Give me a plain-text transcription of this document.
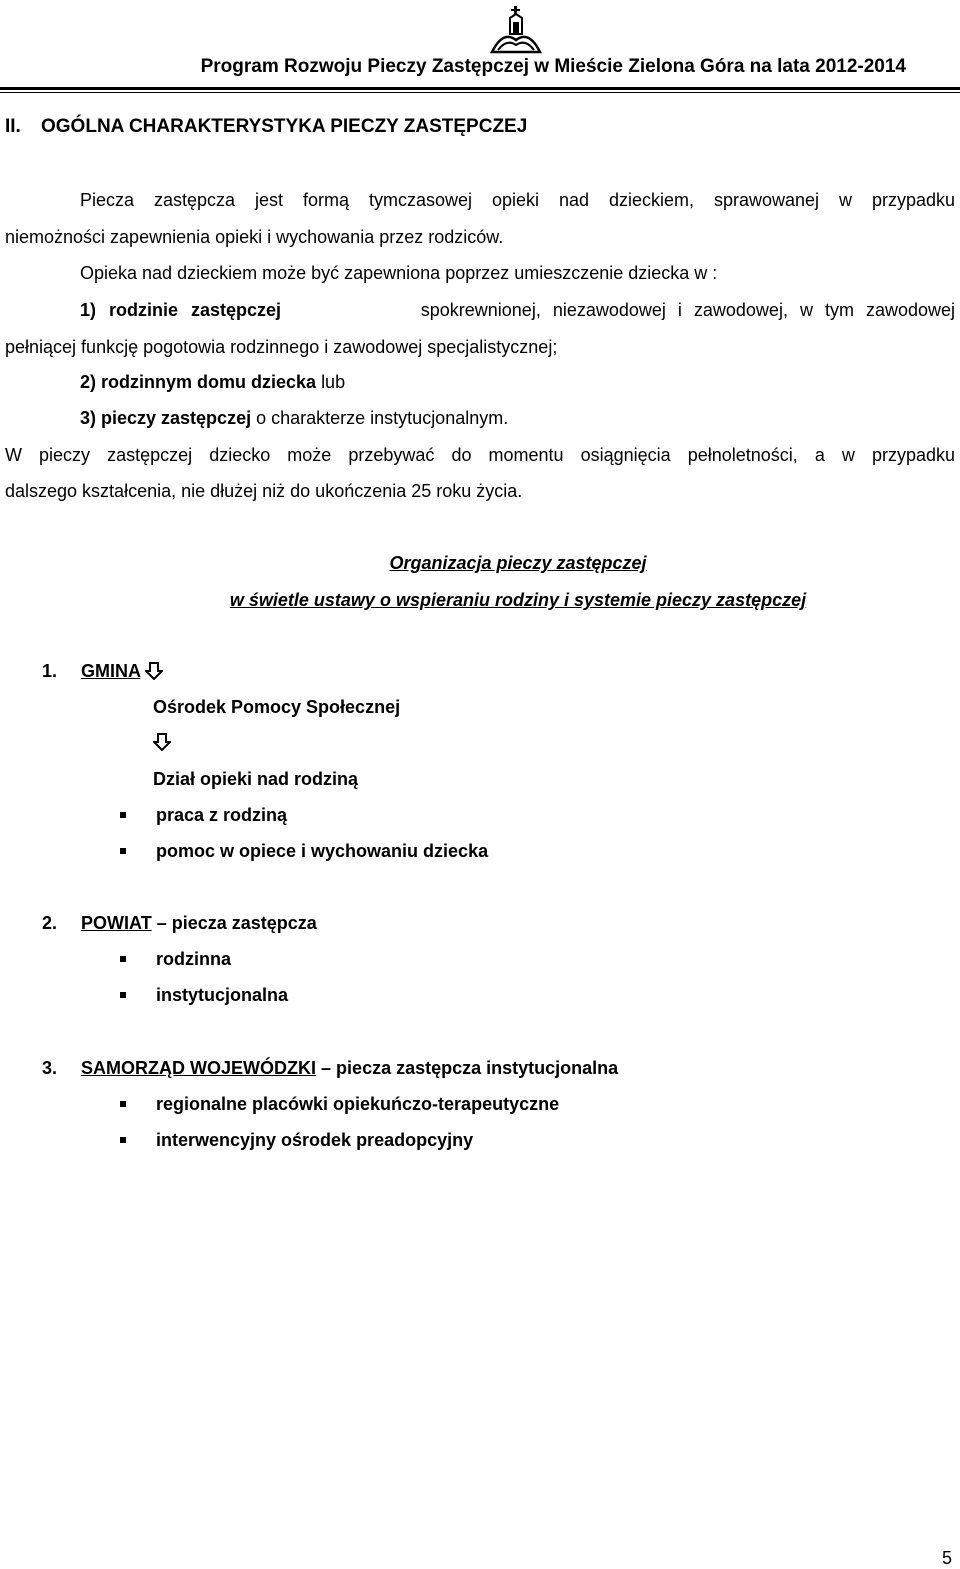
Program Rozwoju Pieczy Zastępczej w Mieście Zielona Góra na lata 2012-2014
II. OGÓLNA CHARAKTERYSTYKA PIECZY ZASTĘPCZEJ
Piecza zastępcza jest formą tymczasowej opieki nad dzieckiem, sprawowanej w przypadku
niemożności zapewnienia opieki i wychowania przez rodziców.
Opieka nad dzieckiem może być zapewniona poprzez umieszczenie dziecka w :
1) rodzinie zastępczej	spokrewnionej, niezawodowej i zawodowej, w tym zawodowej
pełniącej funkcję pogotowia rodzinnego i zawodowej specjalistycznej;
2) rodzinnym domu dziecka lub
3) pieczy zastępczej o charakterze instytucjonalnym.
W pieczy zastępczej dziecko może przebywać do momentu osiągnięcia pełnoletności, a w przypadku
dalszego kształcenia, nie dłużej niż do ukończenia 25 roku życia.
Organizacja pieczy zastępczej
w świetle ustawy o wspieraniu rodziny i systemie pieczy zastępczej
1. GMINA
Ośrodek Pomocy Społecznej
Dział opieki nad rodziną
praca z rodziną
pomoc w opiece i wychowaniu dziecka
2. POWIAT – piecza zastępcza
rodzinna
instytucjonalna
3. SAMORZĄD WOJEWÓDZKI – piecza zastępcza instytucjonalna
regionalne placówki opiekuńczo-terapeutyczne
interwencyjny ośrodek preadopcyjny
5
